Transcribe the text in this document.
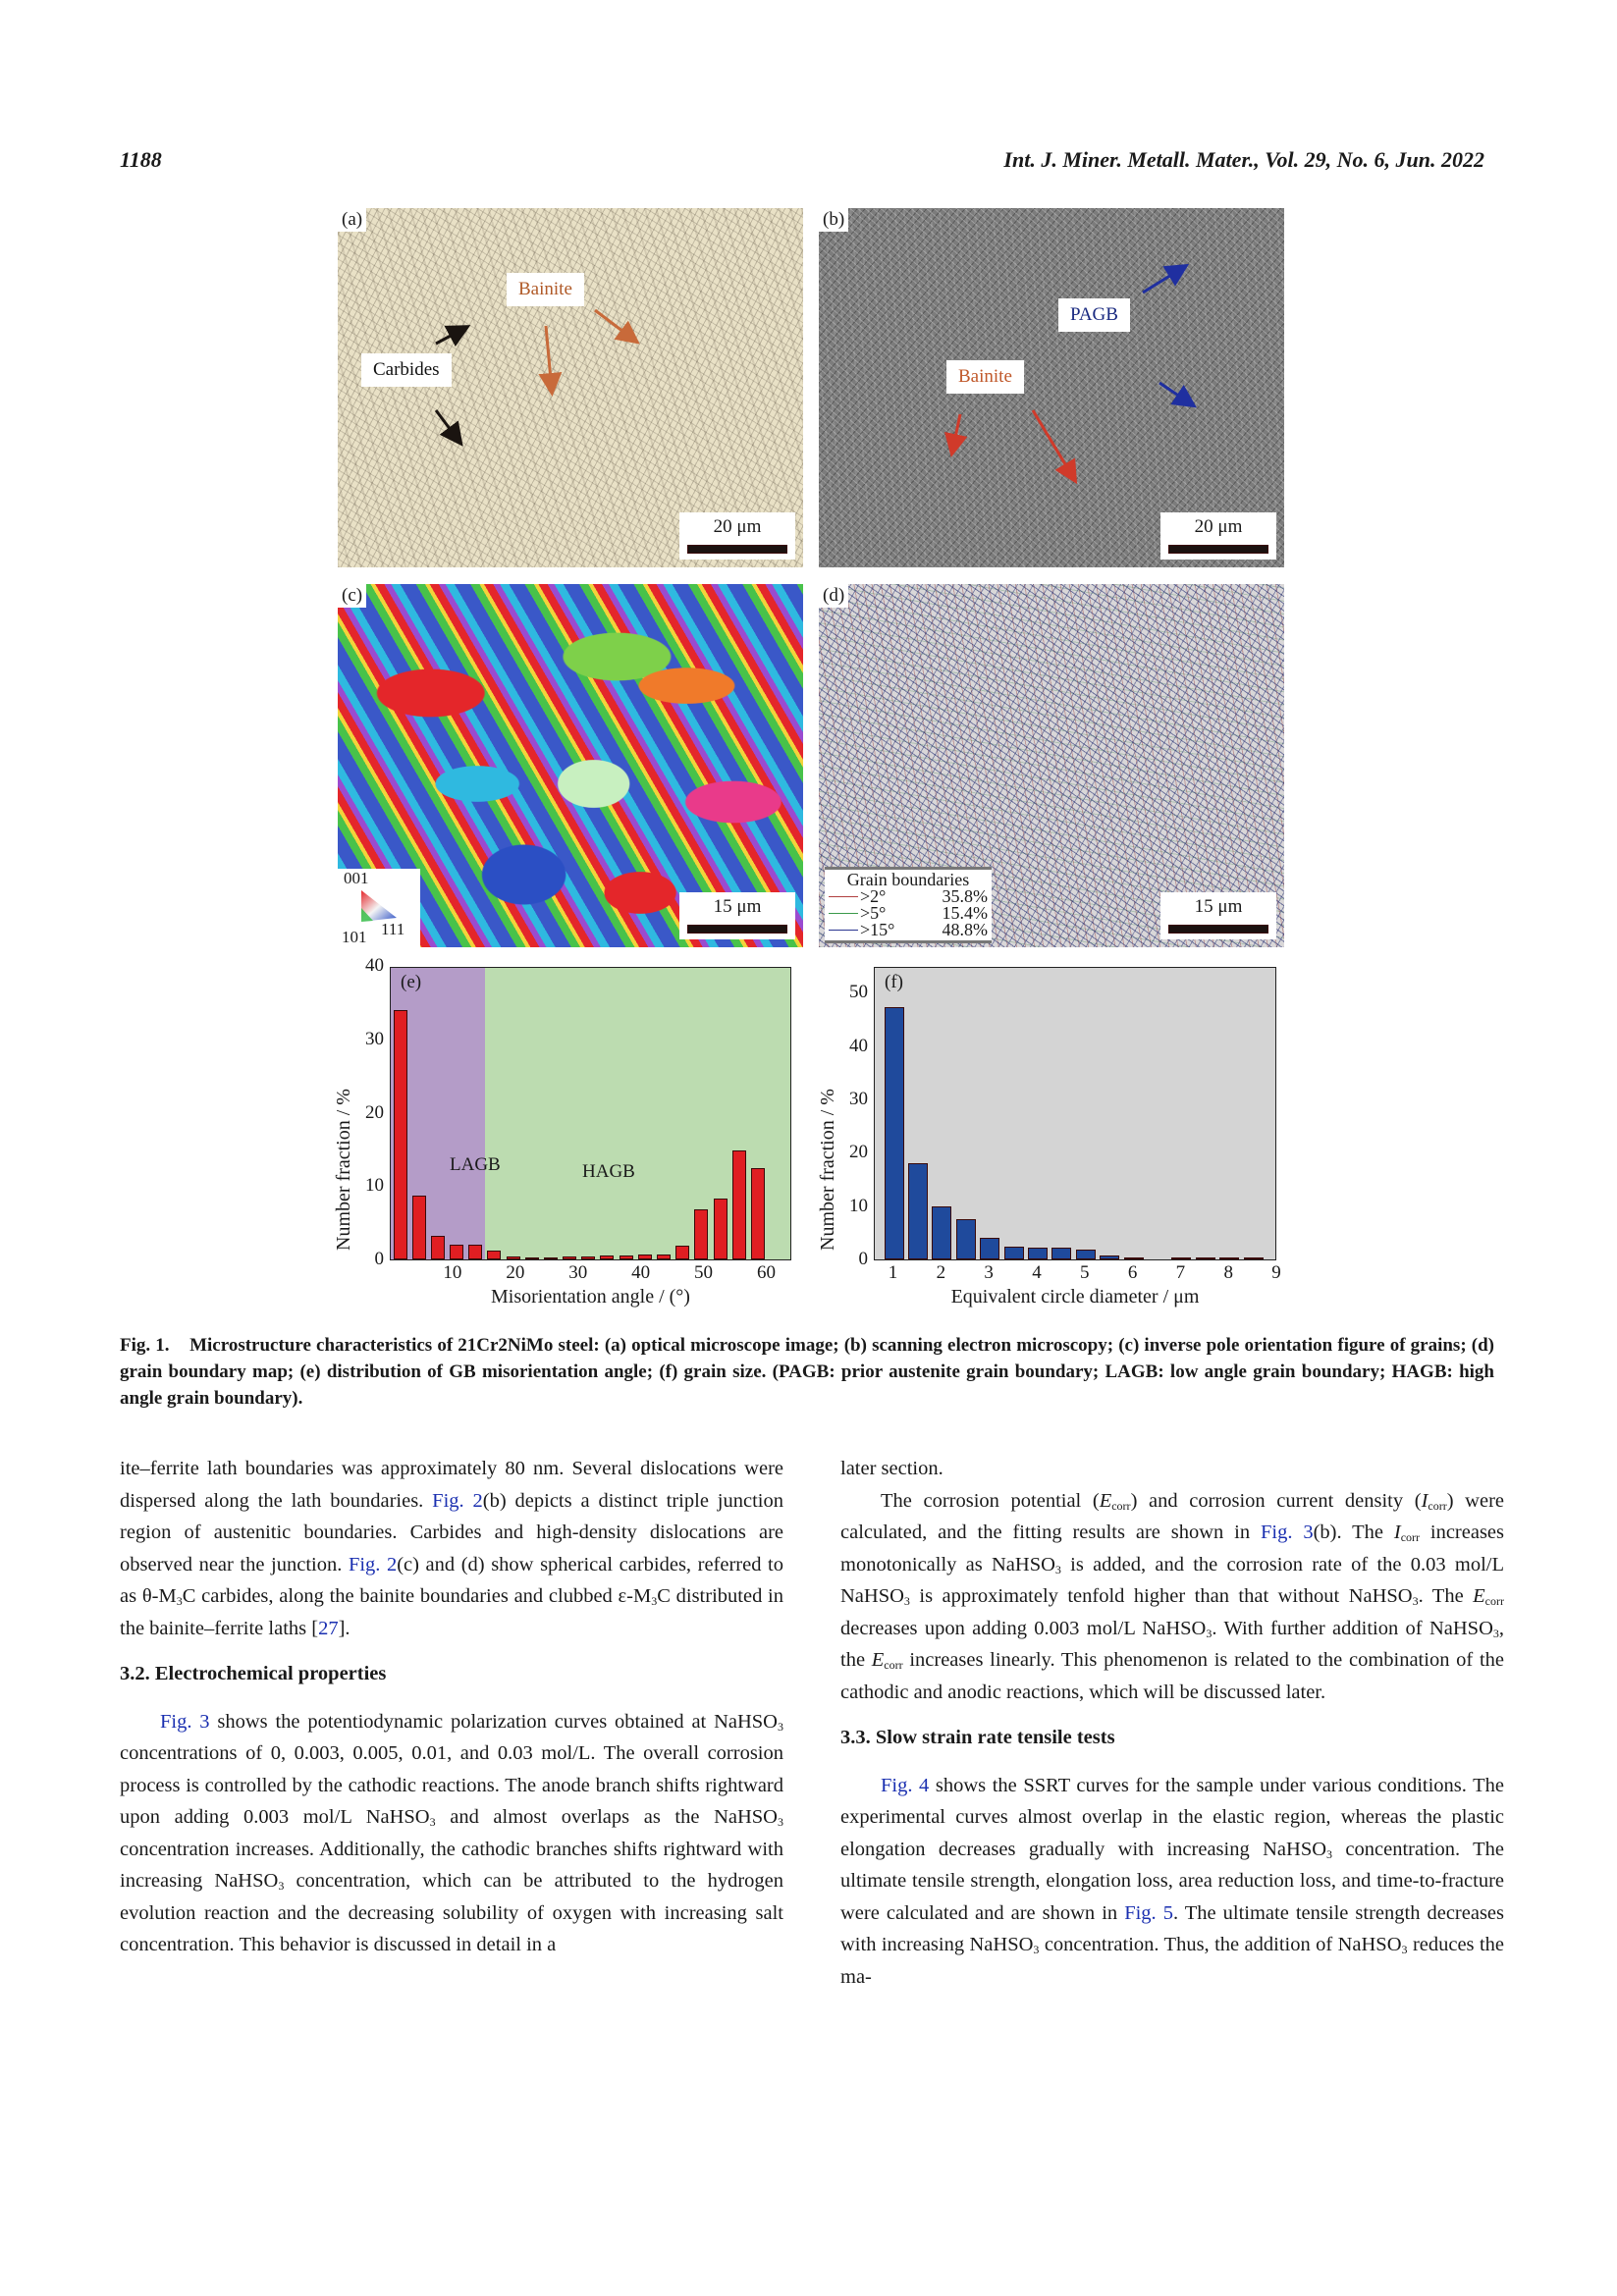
1188	Int. J. Miner. Metall. Mater., Vol. 29, No. 6, Jun. 2022
(a)
Bainite
Carbides
20 μm
(b)
PAGB
Bainite
20 μm
(c)
001
101 111
15 μm
(d)
Grain boundaries
>2°	35.8%
>5°	15.4%
>15°	48.8%
15 μm
(e)
LAGB	HAGB
0
10
20
30
40
10	20	30	40	50	60
Number fraction / %
Misorientation angle / (°)
(f)
0
10
20
30
40
50
1	2	3	4	5	6	7	8	9
Number fraction / %
Equivalent circle diameter / μm
Fig. 1. Microstructure characteristics of 21Cr2NiMo steel: (a) optical microscope image; (b) scanning electron microscopy; (c) inverse pole orientation figure of grains; (d) grain boundary map; (e) distribution of GB misorientation angle; (f) grain size. (PAGB: prior austenite grain boundary; LAGB: low angle grain boundary; HAGB: high angle grain boundary).

ite–ferrite lath boundaries was approximately 80 nm. Several dislocations were dispersed along the lath boundaries. Fig. 2(b) depicts a distinct triple junction region of austenitic boundaries. Carbides and high-density dislocations are observed near the junction. Fig. 2(c) and (d) show spherical carbides, referred to as $\theta-M_3C$ carbides, along the bainite boundaries and clubbed $\varepsilon-M_3C$ distributed in the bainite–ferrite laths [27].

3.2. Electrochemical properties

Fig. 3 shows the potentiodynamic polarization curves obtained at NaHSO$_3$ concentrations of 0, 0.003, 0.005, 0.01, and 0.03 mol/L. The overall corrosion process is controlled by the cathodic reactions. The anode branch shifts rightward upon adding 0.003 mol/L NaHSO$_3$ and almost overlaps as the NaHSO$_3$ concentration increases. Additionally, the cathodic branches shifts rightward with increasing NaHSO$_3$ concentration, which can be attributed to the hydrogen evolution reaction and the decreasing solubility of oxygen with increasing salt concentration. This behavior is discussed in detail in a

later section.

The corrosion potential $(E_{corr})$ and corrosion current density $(I_{corr})$ were calculated, and the fitting results are shown in Fig. 3(b). The $I_{corr}$ increases monotonically as NaHSO$_3$ is added, and the corrosion rate of the 0.03 mol/L NaHSO$_3$ is approximately tenfold higher than that without NaHSO$_3$. The $E_{corr}$ decreases upon adding 0.003 mol/L NaHSO$_3$. With further addition of NaHSO$_3$, the $E_{corr}$ increases linearly. This phenomenon is related to the combination of the cathodic and anodic reactions, which will be discussed later.

3.3. Slow strain rate tensile tests

Fig. 4 shows the SSRT curves for the sample under various conditions. The experimental curves almost overlap in the elastic region, whereas the plastic elongation decreases gradually with increasing NaHSO$_3$ concentration. The ultimate tensile strength, elongation loss, area reduction loss, and time-to-fracture were calculated and are shown in Fig. 5. The ultimate tensile strength decreases with increasing NaHSO$_3$ concentration. Thus, the addition of NaHSO$_3$ reduces the ma-
